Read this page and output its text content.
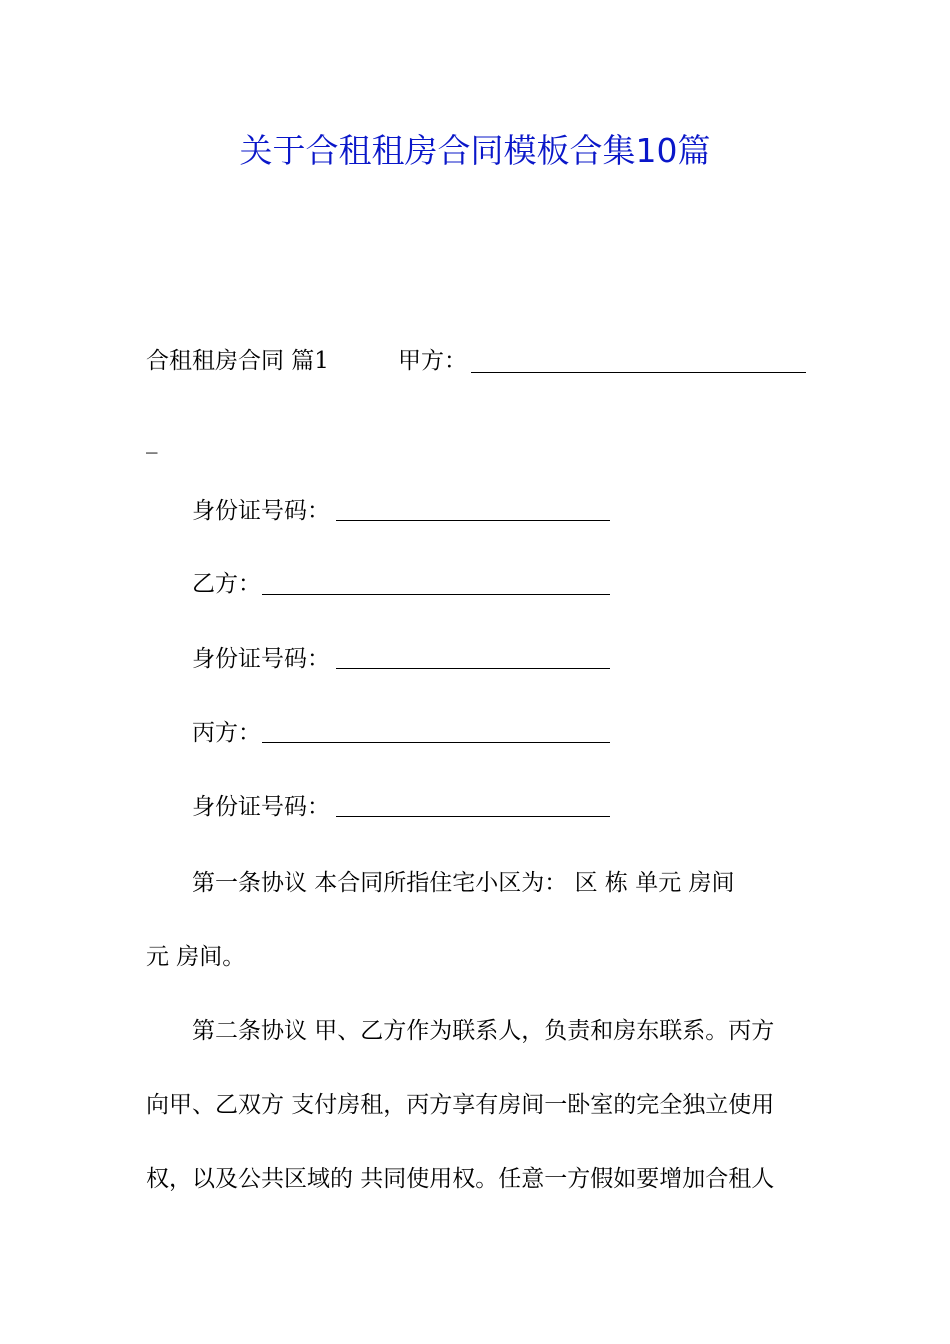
关于合租租房合同模板合集10篇
合租租房合同 篇1	甲方：
_
身份证号码：
乙方：
身份证号码：
丙方：
身份证号码：
第一条协议 本合同所指住宅小区为： 区 栋 单元 房间
元 房间。
第二条协议 甲、乙方作为联系人，负责和房东联系。丙方
向甲、乙双方 支付房租，丙方享有房间一卧室的完全独立使用
权，以及公共区域的 共同使用权。任意一方假如要增加合租人
